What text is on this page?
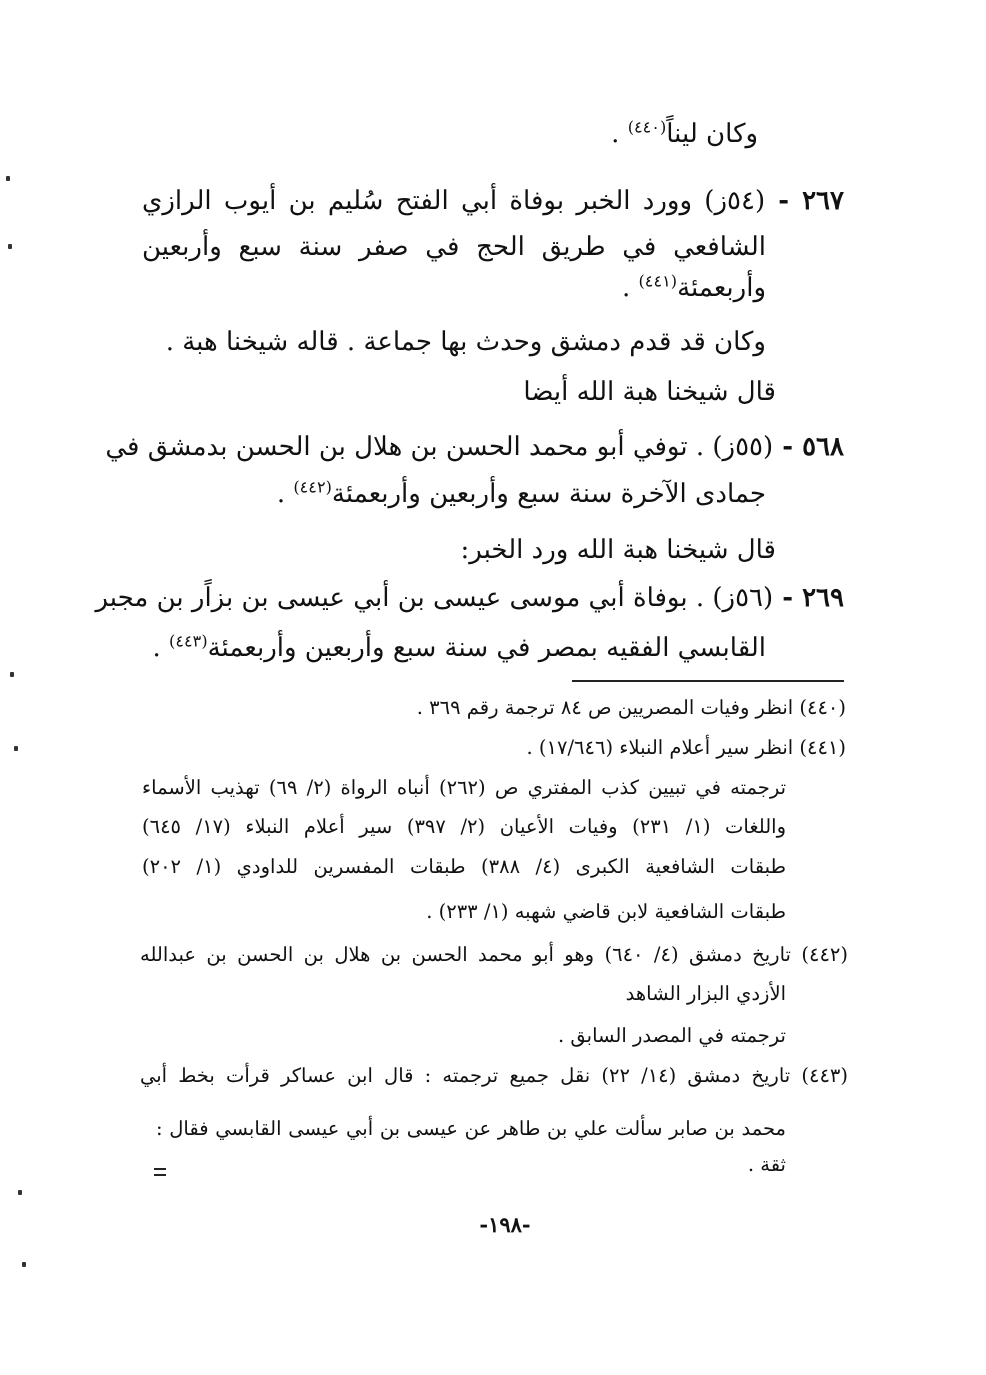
وكان ليناً$^{(٤٤٠)}$ .
٢٦٧ - (٥٤ز) وورد الخبر بوفاة أبي الفتح سُليم بن أيوب الرازي
الشافعي في طريق الحج في صفر سنة سبع وأربعين
وأربعمئة$^{(٤٤١)}$ .
وكان قد قدم دمشق وحدث بها جماعة . قاله شيخنا هبة .
قال شيخنا هبة الله أيضا
٥٦٨ - (٥٥ز) . توفي أبو محمد الحسن بن هلال بن الحسن بدمشق في
جمادى الآخرة سنة سبع وأربعين وأربعمئة$^{(٤٤٢)}$ .
قال شيخنا هبة الله ورد الخبر:
٢٦٩ - (٥٦ز) . بوفاة أبي موسى عيسى بن أبي عيسى بن بزاًر بن مجبر
القابسي الفقيه بمصر في سنة سبع وأربعين وأربعمئة$^{(٤٤٣)}$ .
(٤٤٠) انظر وفيات المصريين ص ٨٤ ترجمة رقم ٣٦٩ .
(٤٤١) انظر سير أعلام النبلاء (١٧/٦٤٦) .
ترجمته في تبيين كذب المفتري ص (٢٦٢) أنباه الرواة (٢/ ٦٩) تهذيب الأسماء
واللغات (١/ ٢٣١) وفيات الأعيان (٢/ ٣٩٧) سير أعلام النبلاء (١٧/ ٦٤٥)
طبقات الشافعية الكبرى (٤/ ٣٨٨) طبقات المفسرين للداودي (١/ ٢٠٢)
طبقات الشافعية لابن قاضي شهبه (١/ ٢٣٣) .
(٤٤٢) تاريخ دمشق (٤/ ٦٤٠) وهو أبو محمد الحسن بن هلال بن الحسن بن عبدالله
الأزدي البزار الشاهد
ترجمته في المصدر السابق .
(٤٤٣) تاريخ دمشق (١٤/ ٢٢) نقل جميع ترجمته : قال ابن عساكر قرأت بخط أبي
محمد بن صابر سألت علي بن طاهر عن عيسى بن أبي عيسى القابسي فقال :
ثقة .
-١٩٨-
